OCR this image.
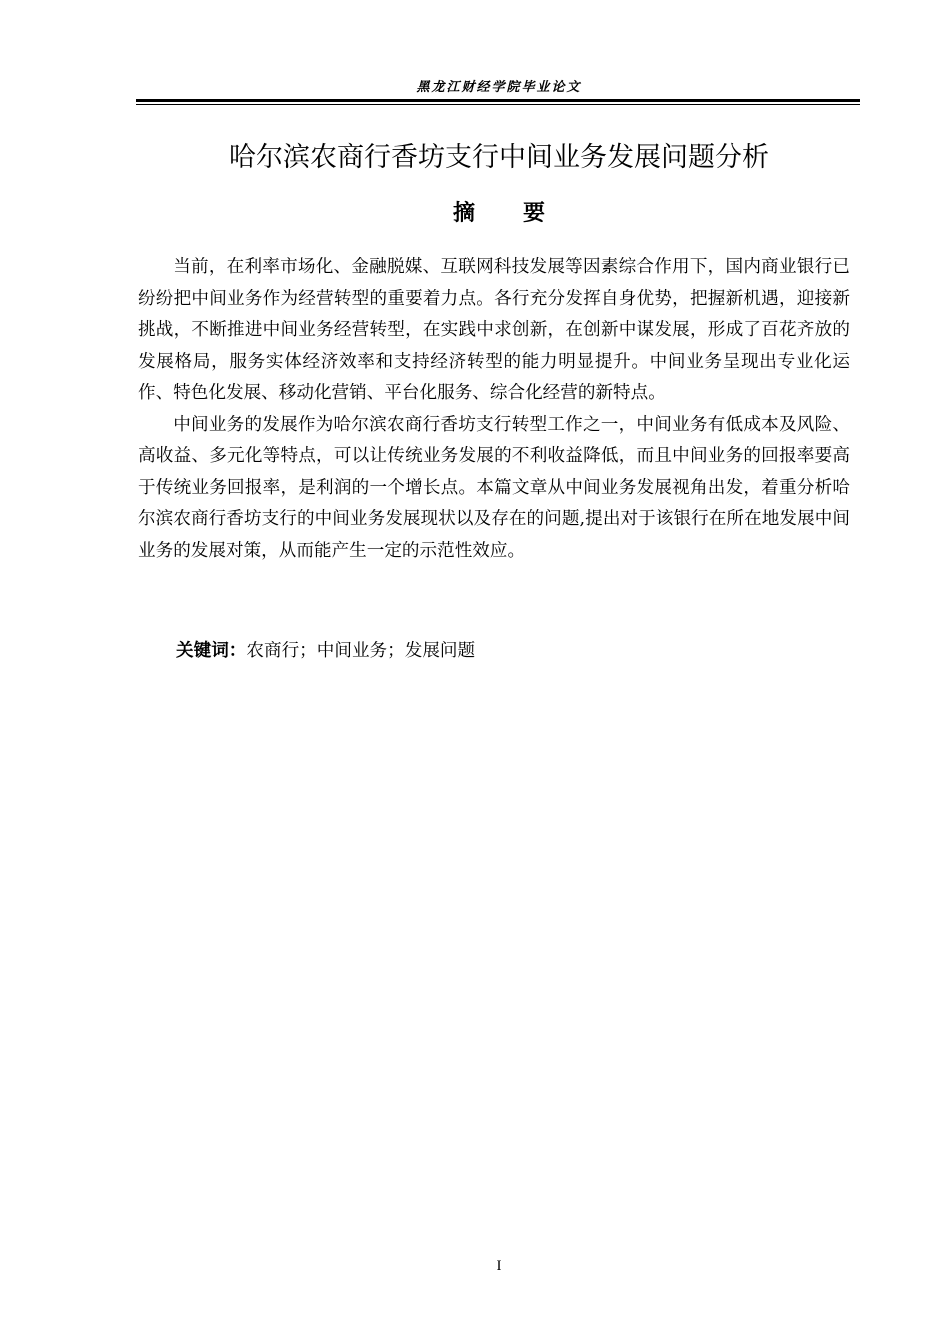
黑龙江财经学院毕业论文
哈尔滨农商行香坊支行中间业务发展问题分析
摘要

当前，在利率市场化、金融脱媒、互联网科技发展等因素综合作用下，国内商业银行已纷纷把中间业务作为经营转型的重要着力点。各行充分发挥自身优势，把握新机遇，迎接新挑战，不断推进中间业务经营转型，在实践中求创新，在创新中谋发展，形成了百花齐放的发展格局，服务实体经济效率和支持经济转型的能力明显提升。中间业务呈现出专业化运作、特色化发展、移动化营销、平台化服务、综合化经营的新特点。

中间业务的发展作为哈尔滨农商行香坊支行转型工作之一，中间业务有低成本及风险、高收益、多元化等特点，可以让传统业务发展的不利收益降低，而且中间业务的回报率要高于传统业务回报率，是利润的一个增长点。本篇文章从中间业务发展视角出发，着重分析哈尔滨农商行香坊支行的中间业务发展现状以及存在的问题,提出对于该银行在所在地发展中间业务的发展对策，从而能产生一定的示范性效应。

关键词：农商行；中间业务；发展问题
I
